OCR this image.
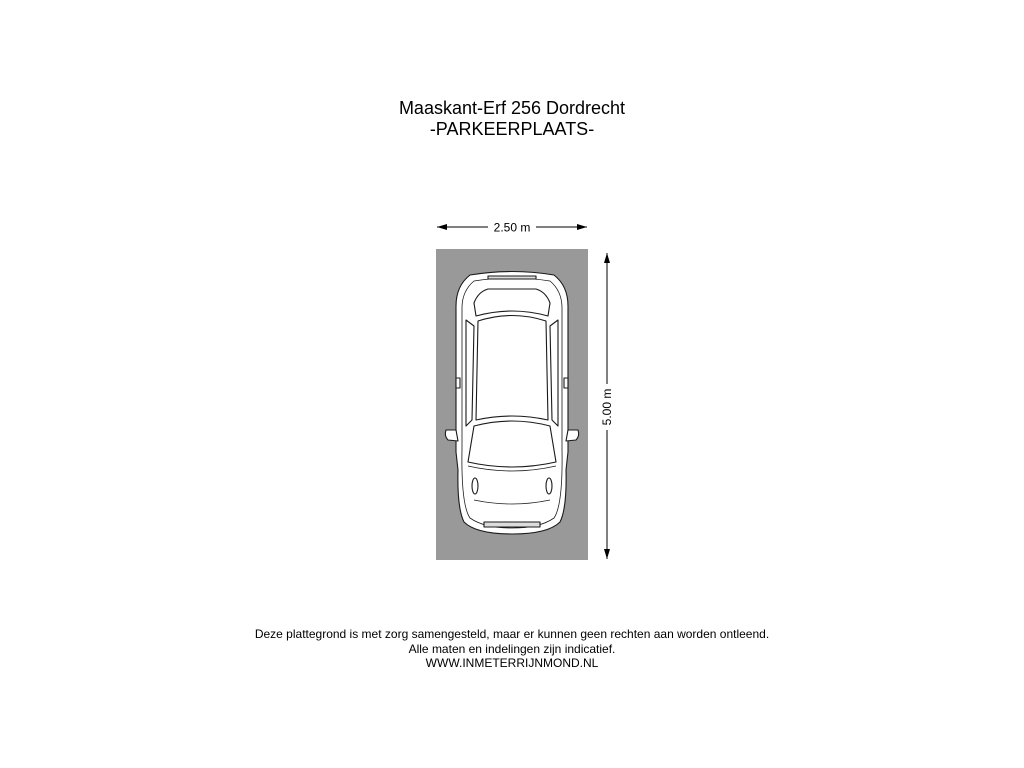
Maaskant-Erf 256 Dordrecht
-PARKEERPLAATS-
2.50 m
5.00 m
Deze plattegrond is met zorg samengesteld, maar er kunnen geen rechten aan worden ontleend.
Alle maten en indelingen zijn indicatief.
WWW.INMETERRIJNMOND.NL
